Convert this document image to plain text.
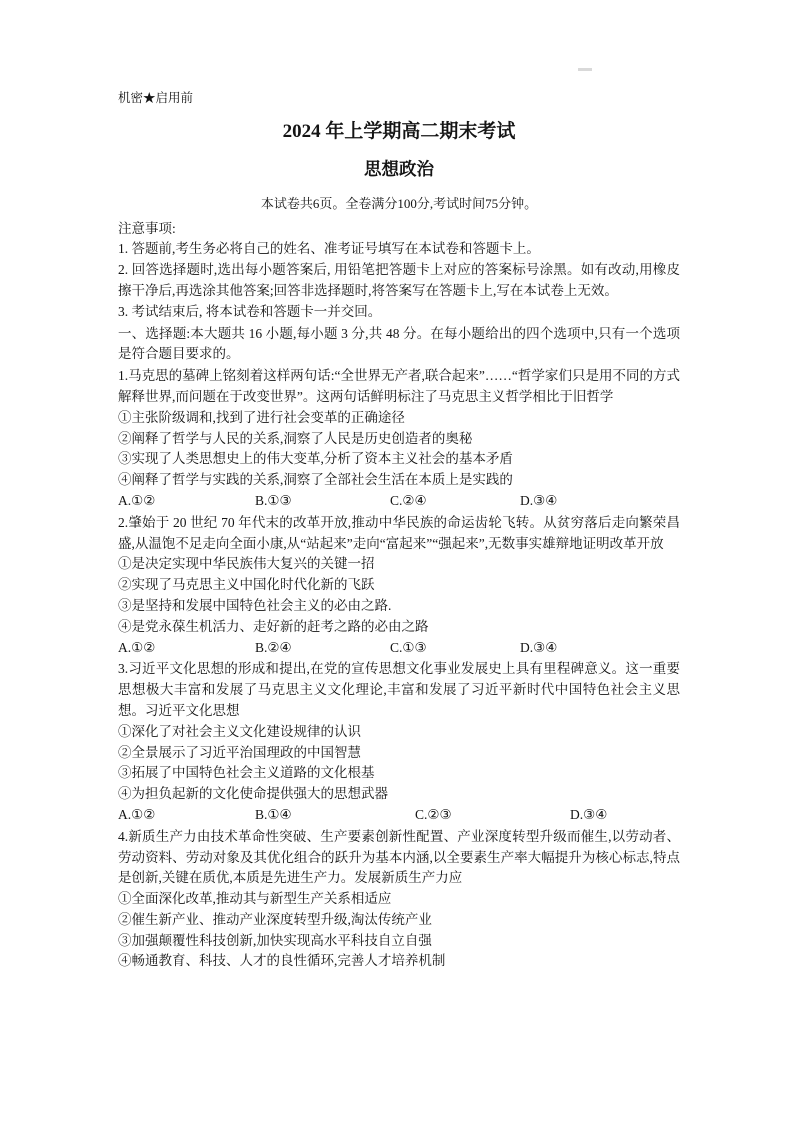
机密★启用前

2024 年上学期高二期末考试

思想政治

本试卷共6页。全卷满分100分,考试时间75分钟。

注意事项:

1. 答题前,考生务必将自己的姓名、准考证号填写在本试卷和答题卡上。

2. 回答选择题时,选出每小题答案后, 用铅笔把答题卡上对应的答案标号涂黑。如有改动,用橡皮擦干净后,再选涂其他答案;回答非选择题时,将答案写在答题卡上,写在本试卷上无效。

3. 考试结束后, 将本试卷和答题卡一并交回。

一、选择题:本大题共 16 小题,每小题 3 分,共 48 分。在每小题给出的四个选项中,只有一个选项是符合题目要求的。

1.马克思的墓碑上铭刻着这样两句话:“全世界无产者,联合起来”……“哲学家们只是用不同的方式解释世界,而问题在于改变世界”。这两句话鲜明标注了马克思主义哲学相比于旧哲学

①主张阶级调和,找到了进行社会变革的正确途径

②阐释了哲学与人民的关系,洞察了人民是历史创造者的奥秘

③实现了人类思想史上的伟大变革,分析了资本主义社会的基本矛盾

④阐释了哲学与实践的关系,洞察了全部社会生活在本质上是实践的

A.①②	B.①③	C.②④	D.③④

2.肇始于 20 世纪 70 年代末的改革开放,推动中华民族的命运齿轮飞转。从贫穷落后走向繁荣昌盛,从温饱不足走向全面小康,从“站起来”走向“富起来”“强起来”,无数事实雄辩地证明改革开放

①是决定实现中华民族伟大复兴的关键一招

②实现了马克思主义中国化时代化新的飞跃

③是坚持和发展中国特色社会主义的必由之路.

④是党永葆生机活力、走好新的赶考之路的必由之路

A.①②	B.②④	C.①③	D.③④

3.习近平文化思想的形成和提出,在党的宣传思想文化事业发展史上具有里程碑意义。这一重要思想极大丰富和发展了马克思主义文化理论,丰富和发展了习近平新时代中国特色社会主义思想。习近平文化思想

①深化了对社会主义文化建设规律的认识

②全景展示了习近平治国理政的中国智慧

③拓展了中国特色社会主义道路的文化根基

④为担负起新的文化使命提供强大的思想武器

A.①②	B.①④	C.②③	D.③④

4.新质生产力由技术革命性突破、生产要素创新性配置、产业深度转型升级而催生,以劳动者、劳动资料、劳动对象及其优化组合的跃升为基本内涵,以全要素生产率大幅提升为核心标志,特点是创新,关键在质优,本质是先进生产力。发展新质生产力应

①全面深化改革,推动其与新型生产关系相适应

②催生新产业、推动产业深度转型升级,淘汰传统产业

③加强颠覆性科技创新,加快实现高水平科技自立自强

④畅通教育、科技、人才的良性循环,完善人才培养机制
